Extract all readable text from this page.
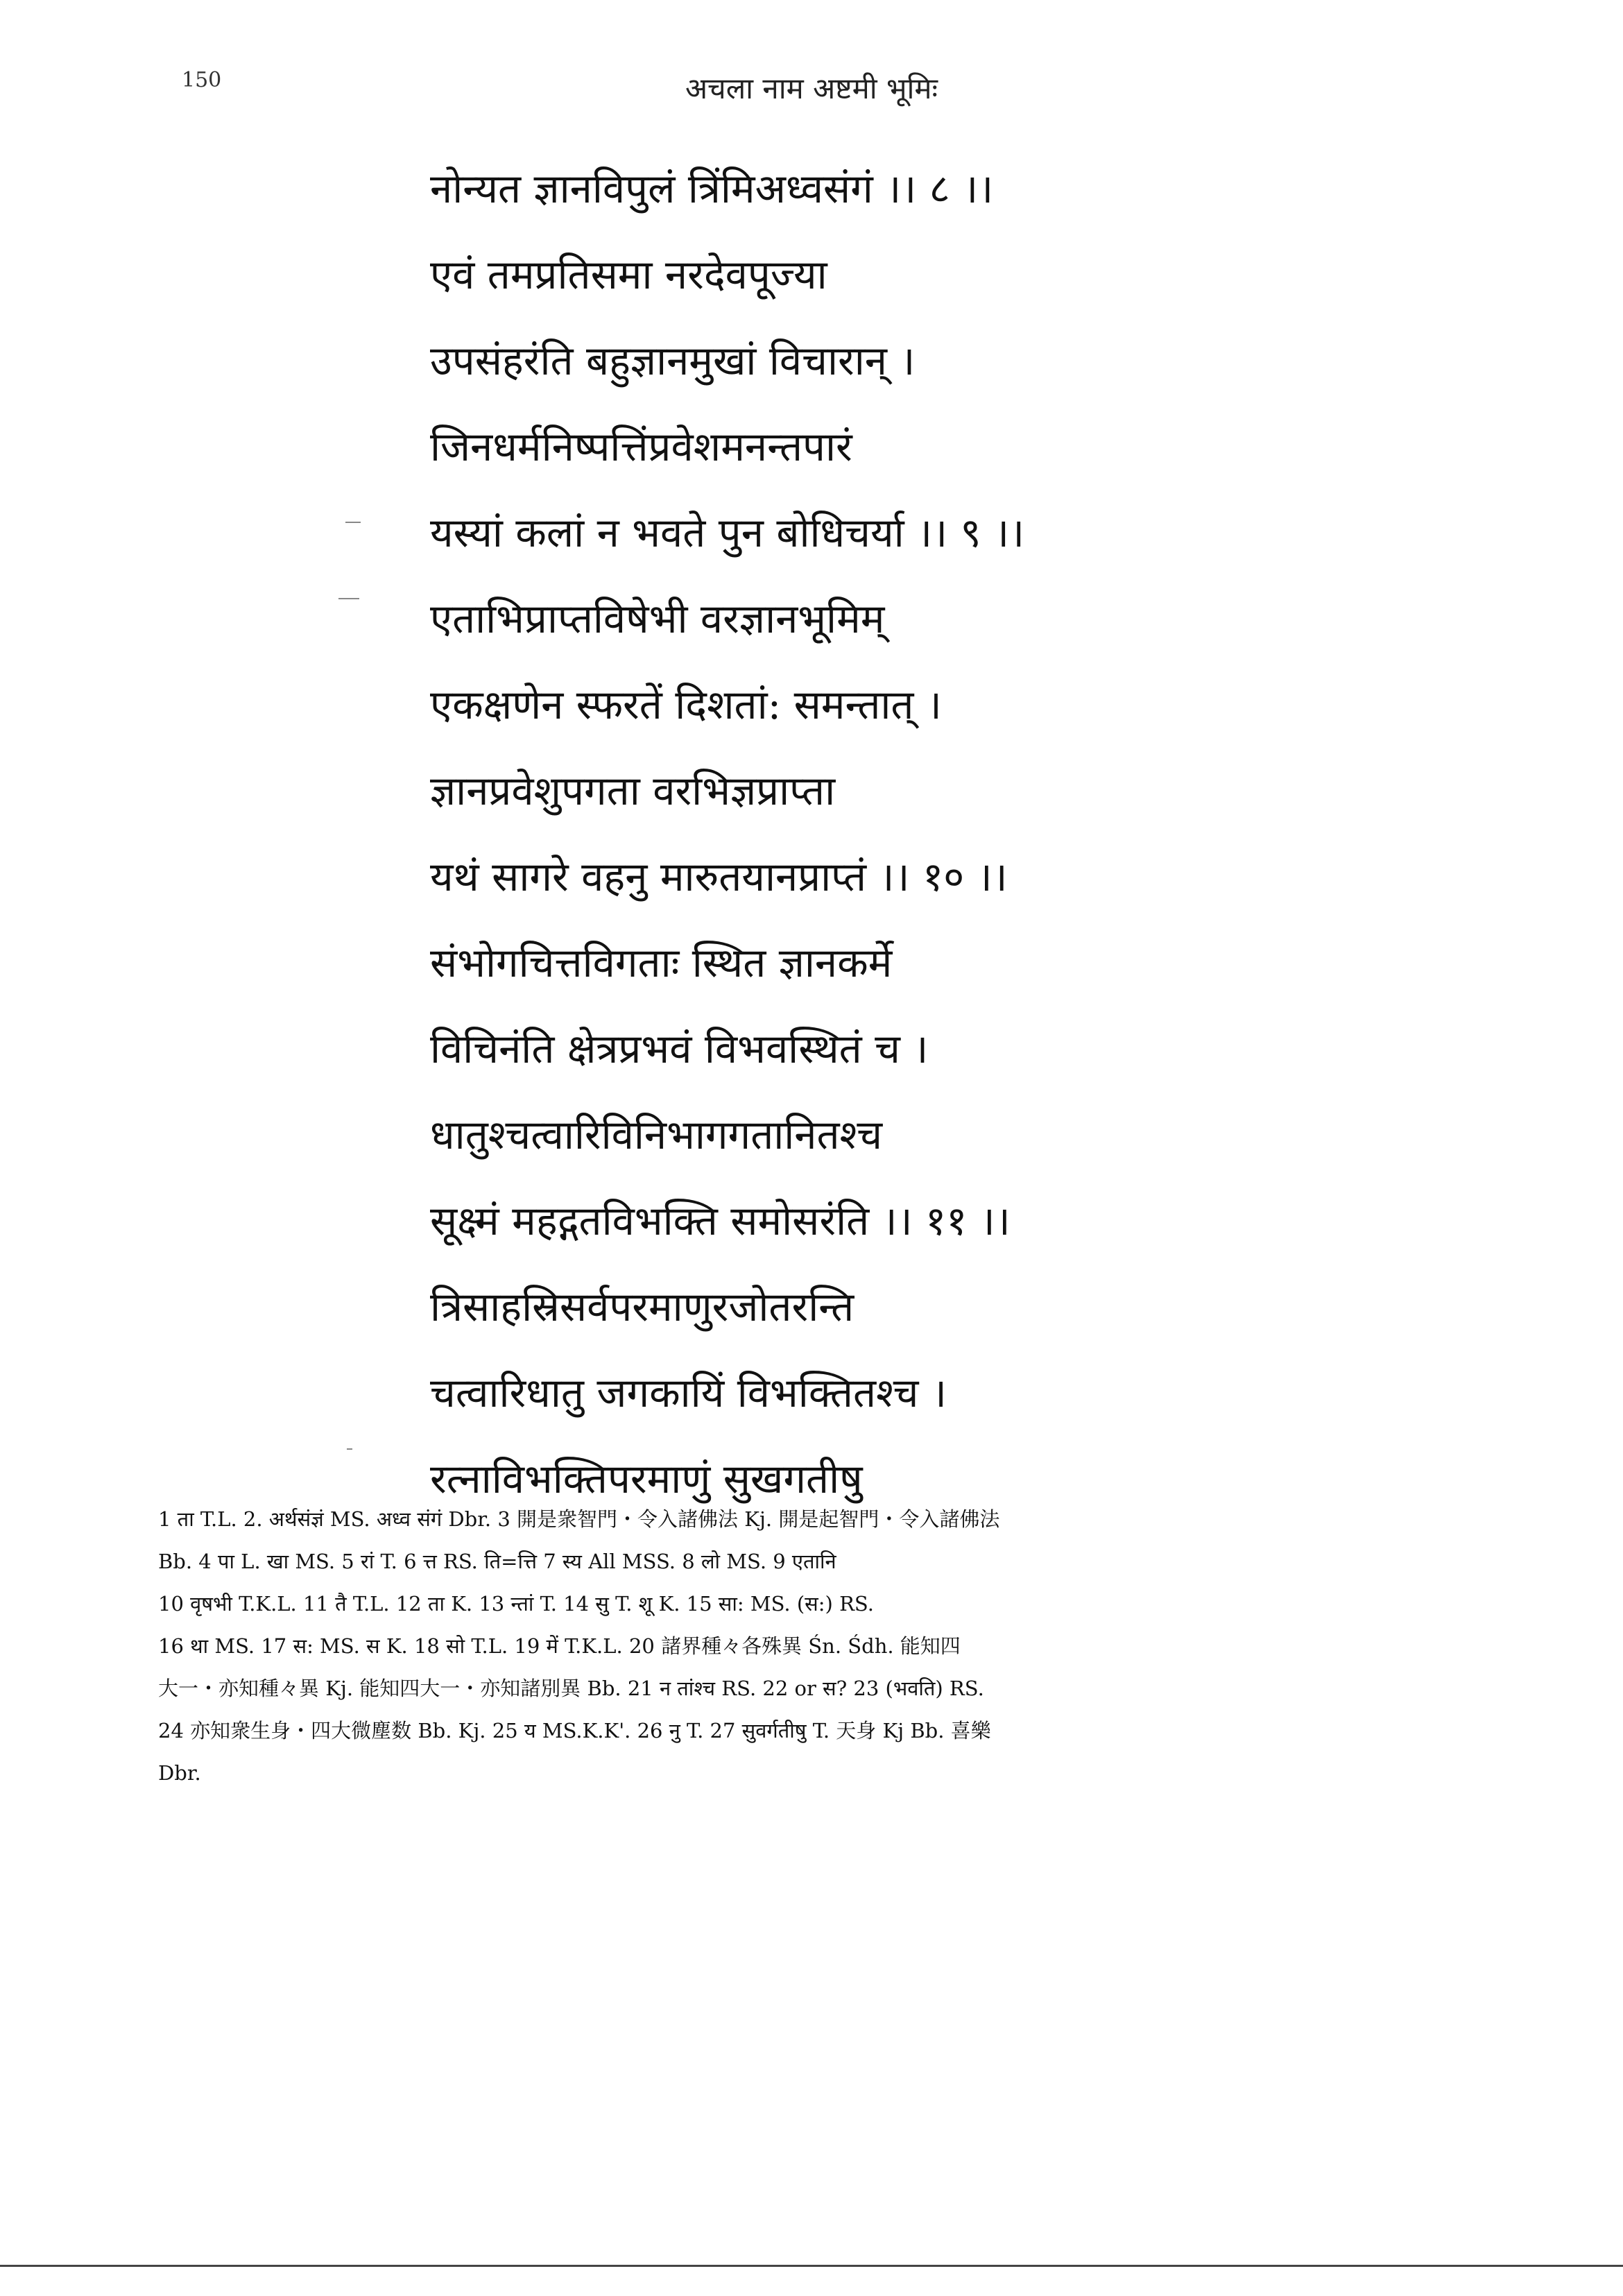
150	अचला नाम अष्टमी भूमिः
नोन्यत ज्ञानविपुलं त्रिंमिअध्वसंगं ।। ८ ।।
एवं तमप्रतिसमा नरदेवपूज्या
उपसंहरंति बहुज्ञानमुखां विचारान् ।
जिनधर्मनिष्पत्तिंप्रवेशमनन्तपारं
यस्यां कलां न भवते पुन बोधिचर्या ।। ९ ।।
एताभिप्राप्तविषेभी वरज्ञानभूमिम्
एकक्षणेन स्फरतें दिशतां: समन्तात् ।
ज्ञानप्रवेशुपगता वरभिज्ञप्राप्ता
यथं सागरे वहनु मारुतयानप्राप्तं ।। १० ।।
संभोगचित्तविगताः स्थित ज्ञानकर्मे
विचिनंति क्षेत्रप्रभवं विभवस्थितं च ।
धातुश्चत्वारिविनिभागगतानितश्च
सूक्ष्मं महद्गतविभक्ति समोसरंति ।। ११ ।।
त्रिसाहस्रिसर्वपरमाणुरजोतरन्ति
चत्वारिधातु जगकायिं विभक्तितश्च ।
रत्नाविभक्तिपरमाणुं सुखगतीषु
1 ता T.L. 2. अर्थसंज्ञं MS. अध्व संगं Dbr. 3 開是衆智門・令入諸佛法 Kj. 開是起智門・令入諸佛法
Bb. 4 पा L. खा MS. 5 रां T. 6 त्त RS. ति=त्ति 7 स्य All MSS. 8 लो MS. 9 एतानि
10 वृषभी T.K.L. 11 तै T.L. 12 ता K. 13 न्तां T. 14 सु T. शू K. 15 सा: MS. (स:) RS.
16 था MS. 17 स: MS. स K. 18 सो T.L. 19 में T.K.L. 20 諸界種々各殊異 Śn. Śdh. 能知四
大一・亦知種々異 Kj. 能知四大一・亦知諸別異 Bb. 21 न तांश्च RS. 22 or स? 23 (भवति) RS.
24 亦知衆生身・四大微塵数 Bb. Kj. 25 य MS.K.K'. 26 नु T. 27 सुवर्गतीषु T. 天身 Kj Bb. 喜樂
Dbr.
